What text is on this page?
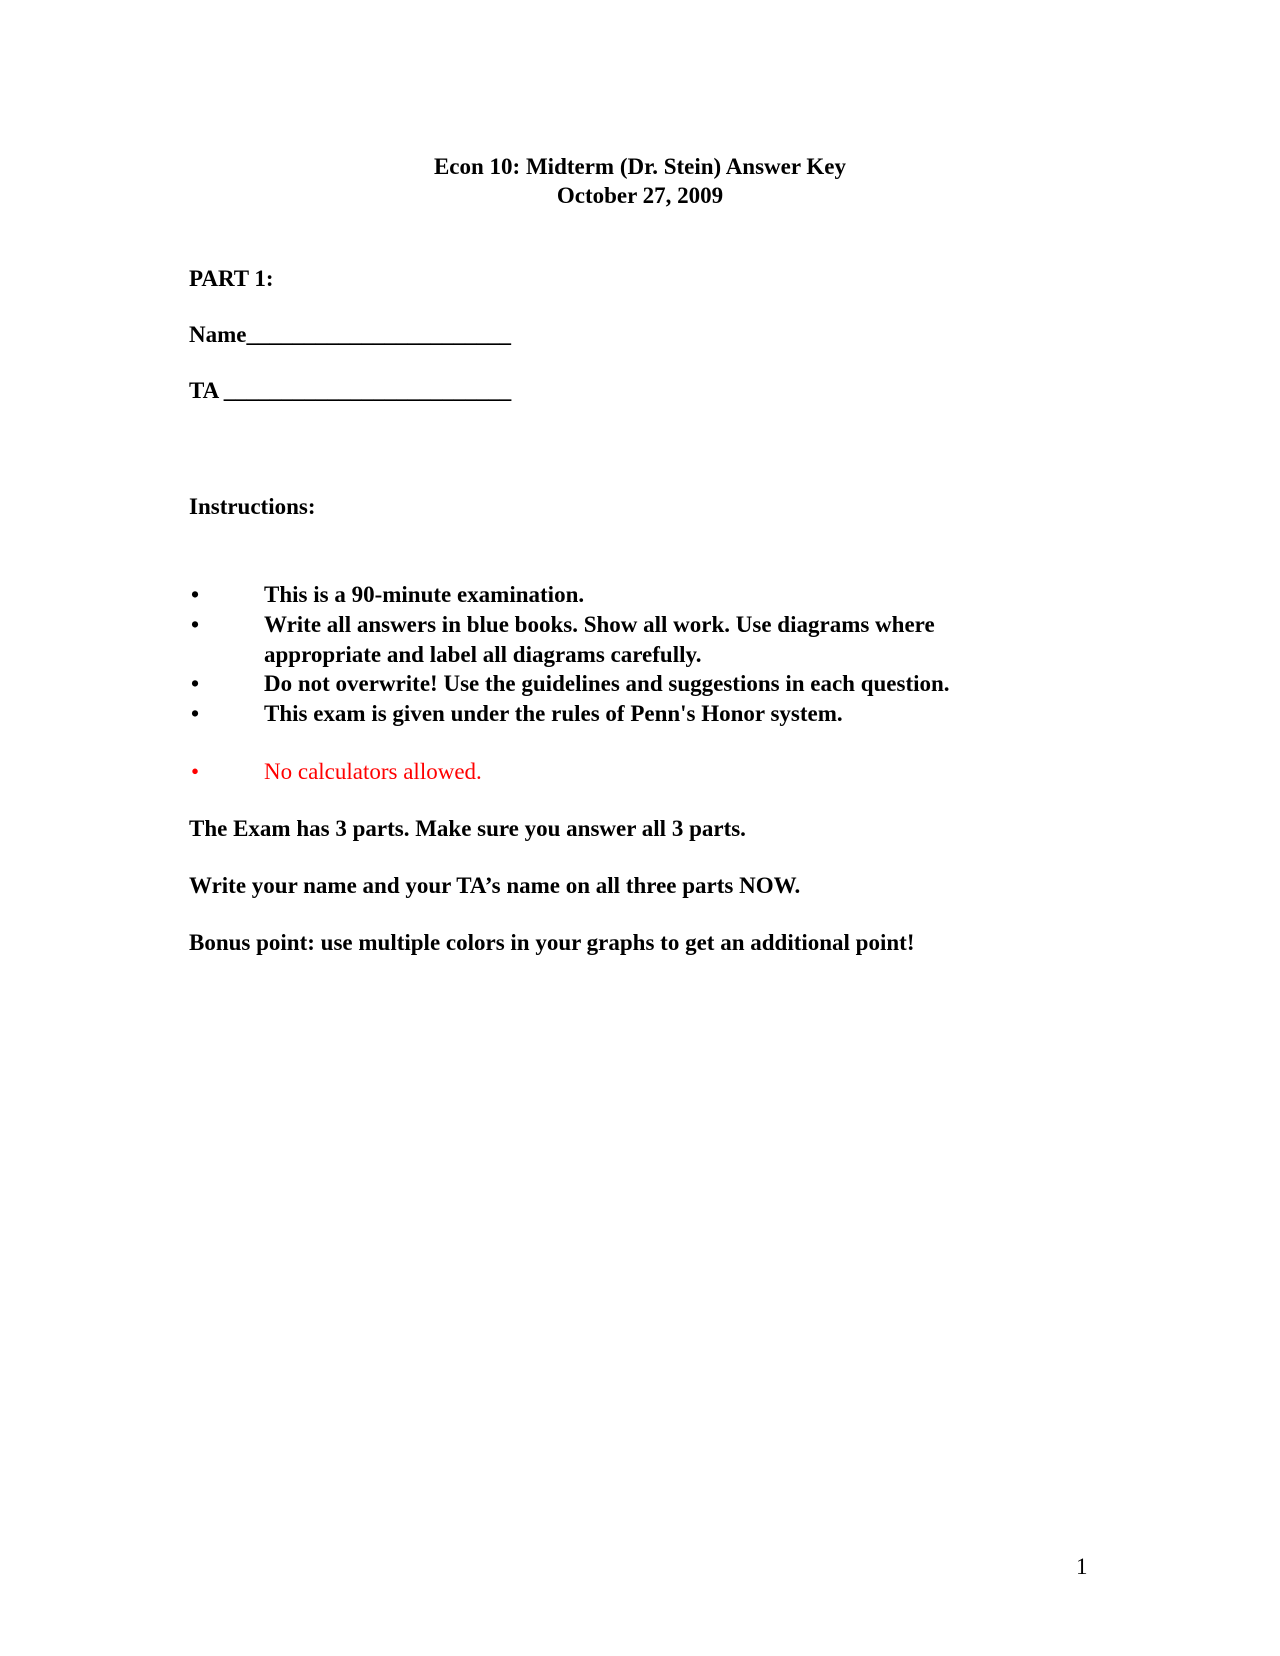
Econ 10: Midterm (Dr. Stein) Answer Key
October 27, 2009
PART 1:
Name_______________________
TA _________________________
Instructions:
•	This is a 90-minute examination.
•	Write all answers in blue books. Show all work. Use diagrams where appropriate and label all diagrams carefully.
•	Do not overwrite! Use the guidelines and suggestions in each question.
•	This exam is given under the rules of Penn's Honor system.
•	No calculators allowed.
The Exam has 3 parts. Make sure you answer all 3 parts.
Write your name and your TA’s name on all three parts NOW.
Bonus point: use multiple colors in your graphs to get an additional point!
1
